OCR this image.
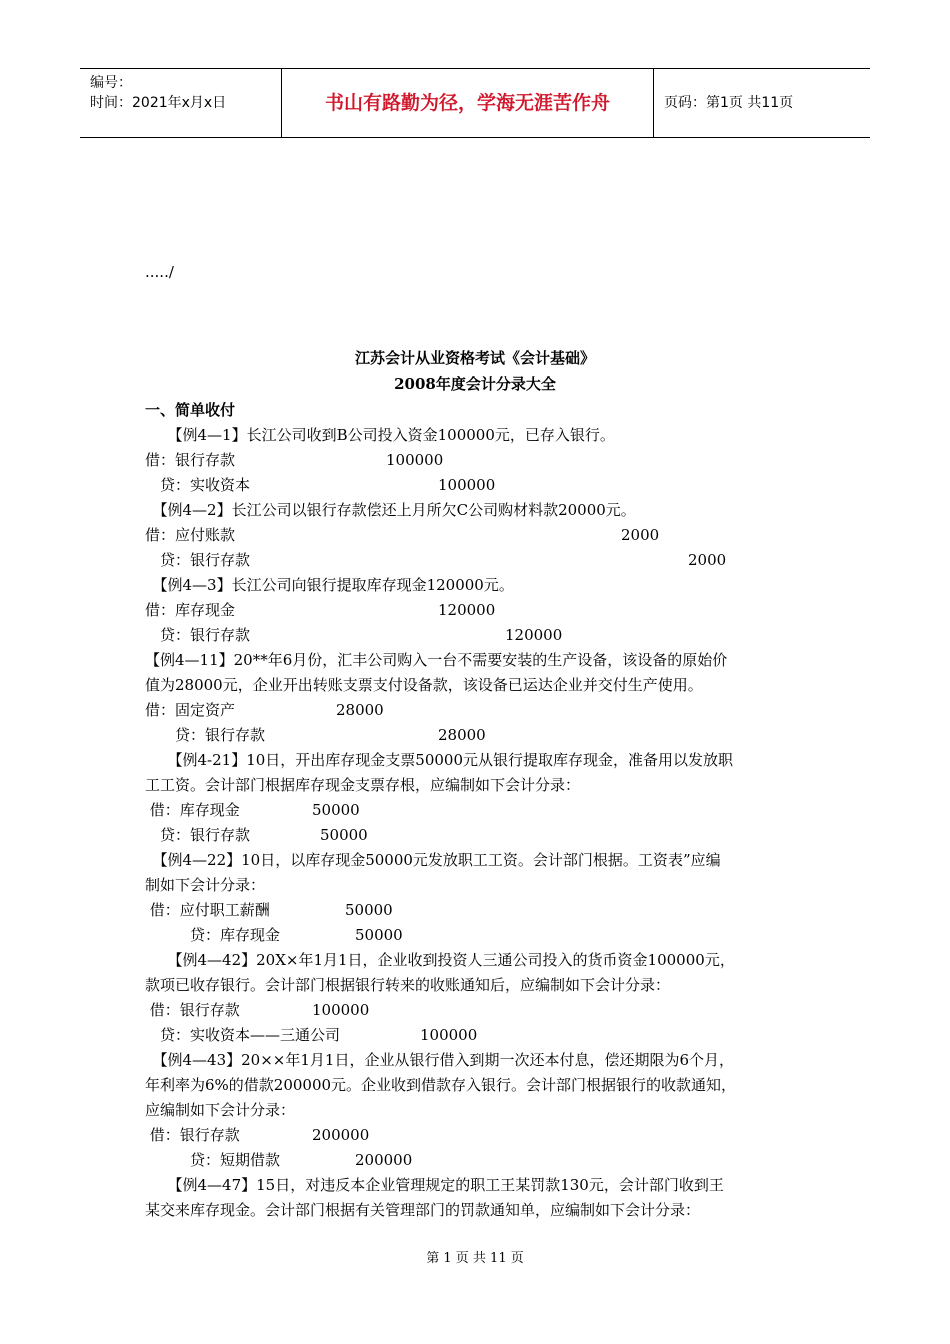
编号：
时间：2021年x月x日	书山有路勤为径，学海无涯苦作舟	页码：第1页 共11页
...../
江苏会计从业资格考试《会计基础》
2008年度会计分录大全
一、简单收付
　　【例4—1】长江公司收到B公司投入资金100000元，已存入银行。
借：银行存款	100000
　贷：实收资本	100000
　【例4—2】长江公司以银行存款偿还上月所欠C公司购材料款20000元。
借：应付账款	2000
　贷：银行存款	2000
　【例4—3】长江公司向银行提取库存现金120000元。
借：库存现金	120000
　贷：银行存款	120000
【例4—11】20**年6月份，汇丰公司购入一台不需要安装的生产设备，该设备的原始价
值为28000元，企业开出转账支票支付设备款，该设备已运达企业并交付生产使用。
借：固定资产	28000
　　贷：银行存款	28000
　　【例4-21】10日，开出库存现金支票50000元从银行提取库存现金，准备用以发放职
工工资。会计部门根据库存现金支票存根，应编制如下会计分录：
借：库存现金	50000
　贷：银行存款	50000
　【例4—22】10日，以库存现金50000元发放职工工资。会计部门根据。工资表”应编
制如下会计分录：
借：应付职工薪酬	50000
　　　贷：库存现金	50000
　　【例4—42】20X×年1月1日，企业收到投资人三通公司投入的货币资金100000元，
款项已收存银行。会计部门根据银行转来的收账通知后，应编制如下会计分录：
借：银行存款	100000
　贷：实收资本——三通公司	100000
　【例4—43】20××年1月1日，企业从银行借入到期一次还本付息，偿还期限为6个月，
年利率为6%的借款200000元。企业收到借款存入银行。会计部门根据银行的收款通知，
应编制如下会计分录：
借：银行存款	200000
　　　贷：短期借款	200000
　　【例4—47】15日，对违反本企业管理规定的职工王某罚款130元，会计部门收到王
某交来库存现金。会计部门根据有关管理部门的罚款通知单，应编制如下会计分录：
第 1 页 共 11 页
